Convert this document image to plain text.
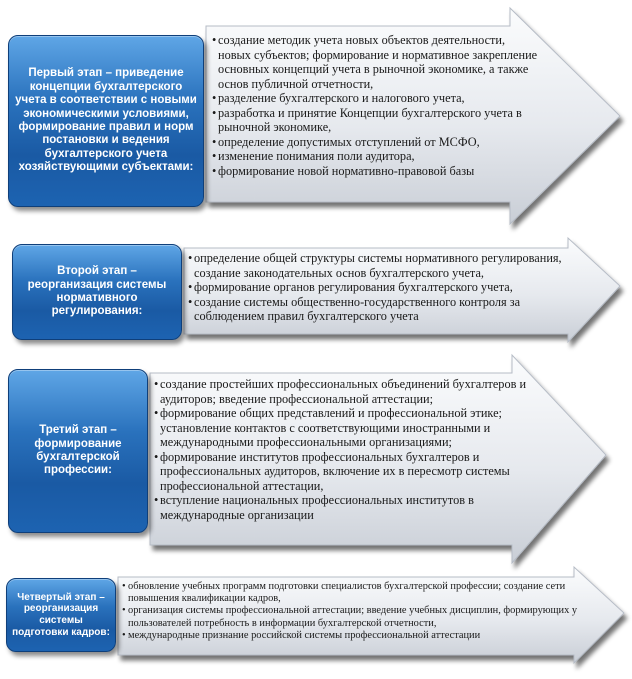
Первый этап – приведение концепции бухгалтерского учета в соответствии с новыми экономическими условиями, формирование правил и норм постановки и ведения бухгалтерского учета хозяйствующими субъектами:
• создание методик учета новых объектов деятельности, новых субъектов; формирование и нормативное закрепление основных концепций учета в рыночной экономике, а также основ публичной отчетности,
• разделение бухгалтерского и налогового учета,
• разработка и принятие Концепции бухгалтерского учета в рыночной экономике,
• определение допустимых отступлений от МСФО,
• изменение понимания поли аудитора,
• формирование новой нормативно-правовой базы
Второй этап – реорганизация системы нормативного регулирования:
• определение общей структуры системы нормативного регулирования, создание законодательных основ бухгалтерского учета,
• формирование органов регулирования бухгалтерского учета,
• создание системы общественно-государственного контроля за соблюдением правил бухгалтерского учета
Третий этап – формирование бухгалтерской профессии:
• создание простейших профессиональных объединений бухгалтеров и аудиторов; введение профессиональной аттестации;
• формирование общих представлений и профессиональной этике; установление контактов с соответствующими иностранными и международными профессиональными организациями;
• формирование институтов профессиональных бухгалтеров и профессиональных аудиторов, включение их в пересмотр системы профессиональной аттестации,
• вступление национальных профессиональных институтов в международные организации
Четвертый этап – реорганизация системы подготовки кадров:
• обновление учебных программ подготовки специалистов бухгалтерской профессии; создание сети повышения квалификации кадров,
• организация системы профессиональной аттестации; введение учебных дисциплин, формирующих у пользователей потребность в информации бухгалтерской отчетности,
• международные признание российской системы профессиональной аттестации
